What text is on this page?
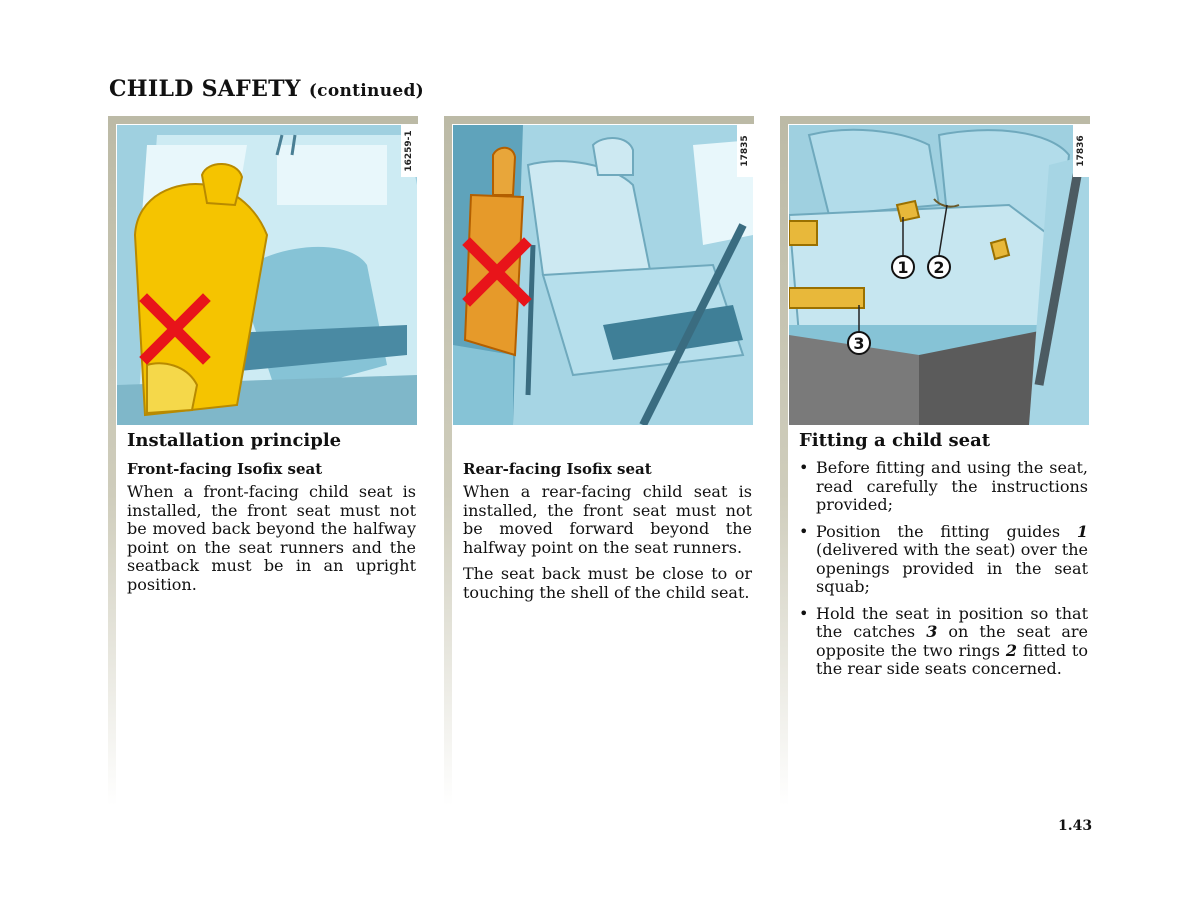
CHILD SAFETY (continued)
16259-1
Installation principle
Front-facing Isofix seat

When a front-facing child seat is installed, the front seat must not be moved back beyond the halfway point on the seat runners and the seatback must be in an upright position.

17835
Rear-facing Isofix seat

When a rear-facing child seat is installed, the front seat must not be moved forward beyond the halfway point on the seat runners.

The seat back must be close to or touching the shell of the child seat.

1 2
3
17836
Fitting a child seat
• Before fitting and using the seat, read carefully the instructions provided;
• Position the fitting guides 1 (delivered with the seat) over the openings provided in the seat squab;
• Hold the seat in position so that the catches 3 on the seat are opposite the two rings 2 fitted to the rear side seats concerned.
1.43
